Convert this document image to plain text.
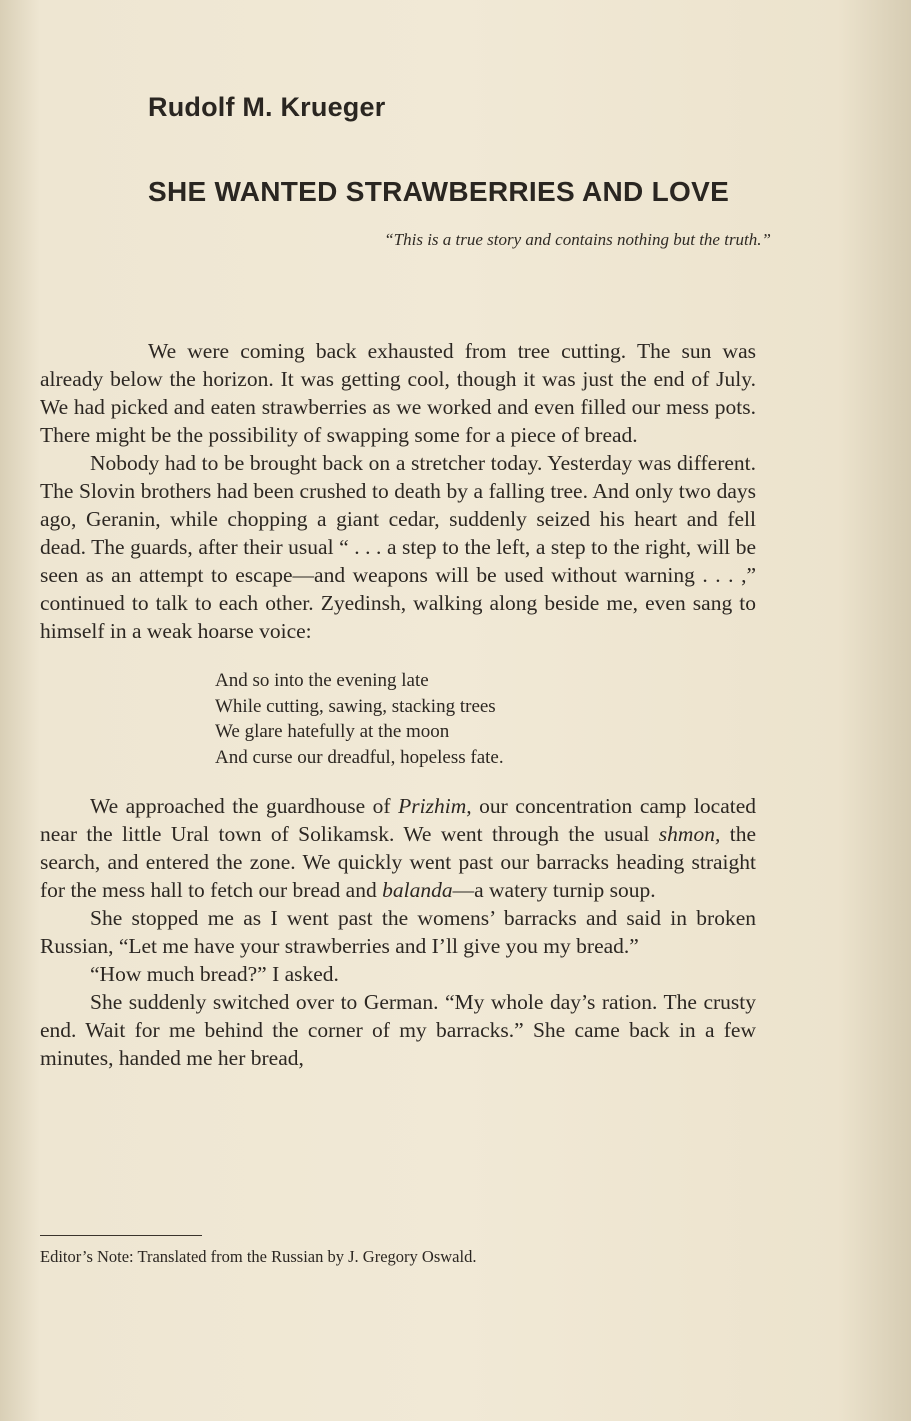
Rudolf M. Krueger
SHE WANTED STRAWBERRIES AND LOVE
“This is a true story and contains nothing but the truth.”

We were coming back exhausted from tree cutting. The sun was already below the horizon. It was getting cool, though it was just the end of July. We had picked and eaten strawberries as we worked and even filled our mess pots. There might be the possibility of swapping some for a piece of bread.

Nobody had to be brought back on a stretcher today. Yesterday was different. The Slovin brothers had been crushed to death by a falling tree. And only two days ago, Geranin, while chopping a giant cedar, suddenly seized his heart and fell dead. The guards, after their usual “ . . . a step to the left, a step to the right, will be seen as an attempt to escape—and weapons will be used without warning . . . ,” continued to talk to each other. Zyedinsh, walking along beside me, even sang to himself in a weak hoarse voice:

And so into the evening late
While cutting, sawing, stacking trees
We glare hatefully at the moon
And curse our dreadful, hopeless fate.

We approached the guardhouse of Prizhim, our concentration camp located near the little Ural town of Solikamsk. We went through the usual shmon, the search, and entered the zone. We quickly went past our barracks heading straight for the mess hall to fetch our bread and balanda—a watery turnip soup.

She stopped me as I went past the womens’ barracks and said in broken Russian, “Let me have your strawberries and I’ll give you my bread.”

“How much bread?” I asked.

She suddenly switched over to German. “My whole day’s ration. The crusty end. Wait for me behind the corner of my barracks.” She came back in a few minutes, handed me her bread,

Editor’s Note: Translated from the Russian by J. Gregory Oswald.
